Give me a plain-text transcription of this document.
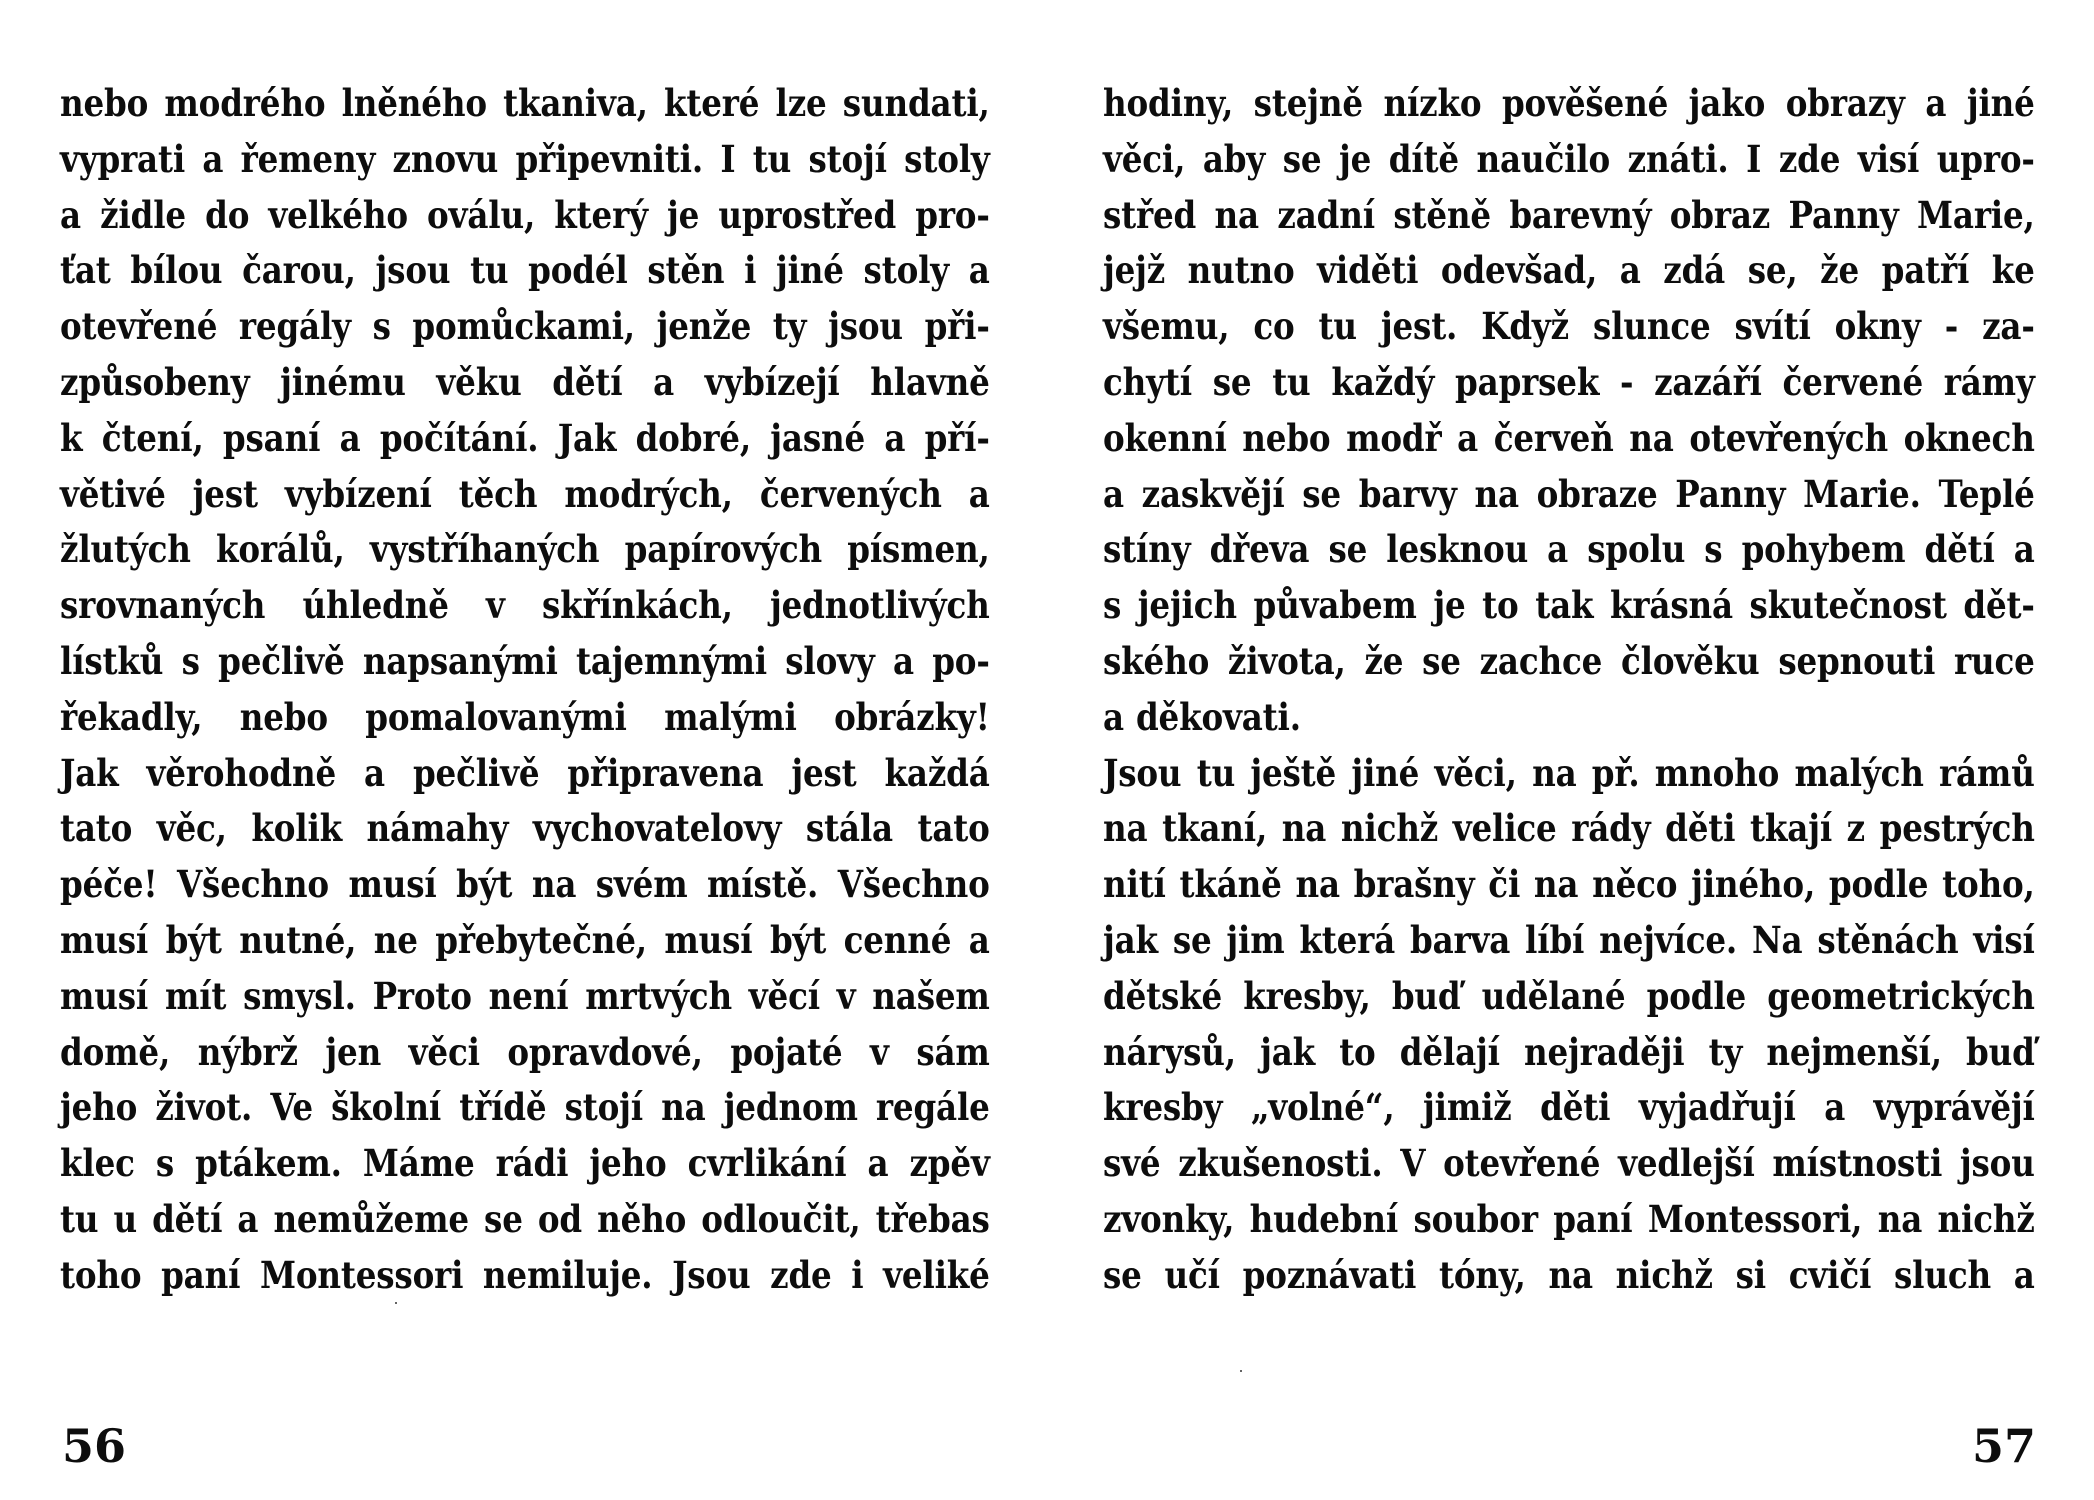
nebo modrého lněného tkaniva, které lze sundati,
vyprati a řemeny znovu připevniti. I tu stojí stoly
a židle do velkého oválu, který je uprostřed pro-
ťat bílou čarou, jsou tu podél stěn i jiné stoly a
otevřené regály s pomůckami, jenže ty jsou při-
způsobeny jinému věku dětí a vybízejí hlavně
k čtení, psaní a počítání. Jak dobré, jasné a pří-
větivé jest vybízení těch modrých, červených a
žlutých korálů, vystříhaných papírových písmen,
srovnaných úhledně v skřínkách, jednotlivých
lístků s pečlivě napsanými tajemnými slovy a po-
řekadly, nebo pomalovanými malými obrázky!
Jak věrohodně a pečlivě připravena jest každá
tato věc, kolik námahy vychovatelovy stála tato
péče! Všechno musí být na svém místě. Všechno
musí být nutné, ne přebytečné, musí být cenné a
musí mít smysl. Proto není mrtvých věcí v našem
domě, nýbrž jen věci opravdové, pojaté v sám
jeho život. Ve školní třídě stojí na jednom regále
klec s ptákem. Máme rádi jeho cvrlikání a zpěv
tu u dětí a nemůžeme se od něho odloučit, třebas
toho paní Montessori nemiluje. Jsou zde i veliké
56
hodiny, stejně nízko pověšené jako obrazy a jiné
věci, aby se je dítě naučilo znáti. I zde visí upro-
střed na zadní stěně barevný obraz Panny Marie,
jejž nutno viděti odevšad, a zdá se, že patří ke
všemu, co tu jest. Když slunce svítí okny - za-
chytí se tu každý paprsek - zazáří červené rámy
okenní nebo modř a červeň na otevřených oknech
a zaskvějí se barvy na obraze Panny Marie. Teplé
stíny dřeva se lesknou a spolu s pohybem dětí a
s jejich půvabem je to tak krásná skutečnost dět-
ského života, že se zachce člověku sepnouti ruce
a děkovati.
Jsou tu ještě jiné věci, na př. mnoho malých rámů
na tkaní, na nichž velice rády děti tkají z pestrých
nití tkáně na brašny či na něco jiného, podle toho,
jak se jim která barva líbí nejvíce. Na stěnách visí
dětské kresby, buď udělané podle geometrických
nárysů, jak to dělají nejraději ty nejmenší, buď
kresby „volné“, jimiž děti vyjadřují a vyprávějí
své zkušenosti. V otevřené vedlejší místnosti jsou
zvonky, hudební soubor paní Montessori, na nichž
se učí poznávati tóny, na nichž si cvičí sluch a
57
